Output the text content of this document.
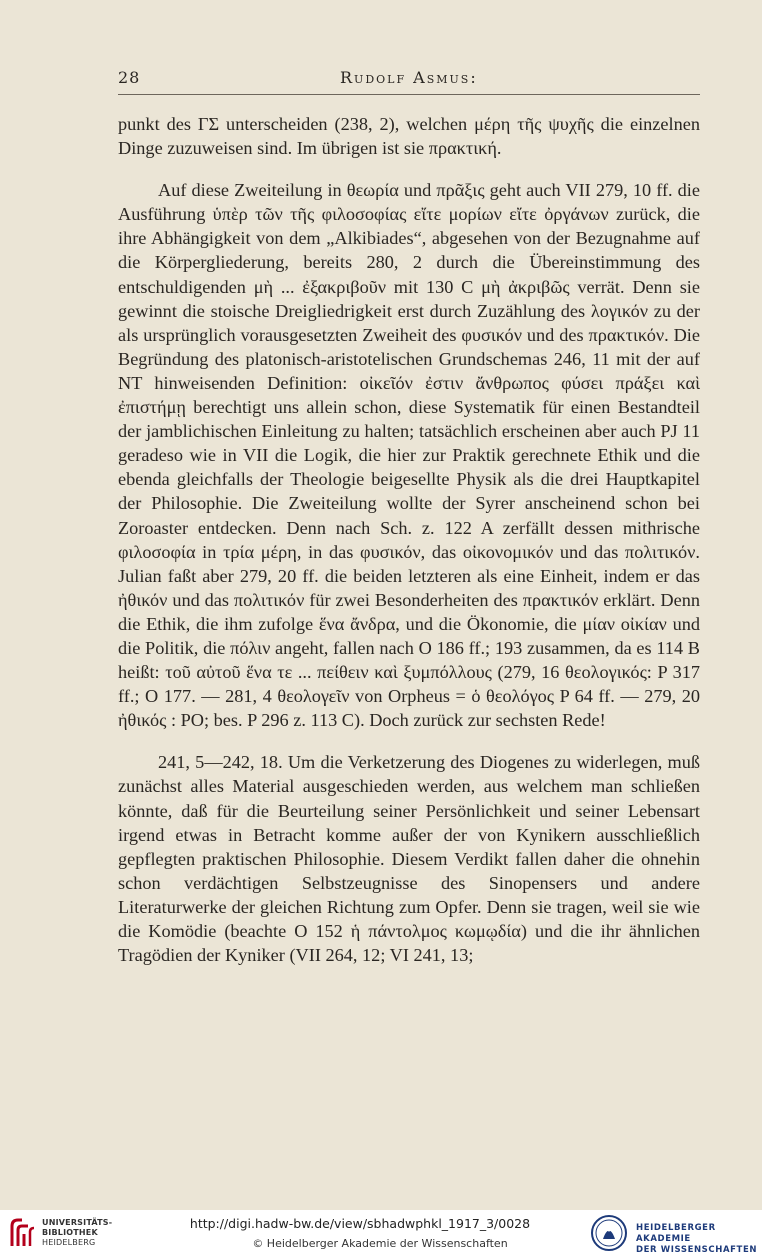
28	Rudolf Asmus:

punkt des ΓΣ unterscheiden (238, 2), welchen μέρη τῆς ψυχῆς die einzelnen Dinge zuzuweisen sind. Im übrigen ist sie πρακτική.

Auf diese Zweiteilung in θεωρία und πρᾶξις geht auch VII 279, 10 ff. die Ausführung ὑπὲρ τῶν τῆς φιλοσοφίας εἴτε μορίων εἴτε ὀργάνων zurück, die ihre Abhängigkeit von dem „Alkibiades“, abgesehen von der Bezugnahme auf die Körpergliederung, bereits 280, 2 durch die Übereinstimmung des entschuldigenden μὴ ... ἐξακριβοῦν mit 130 C μὴ ἀκριβῶς verrät. Denn sie gewinnt die stoische Dreigliedrigkeit erst durch Zuzählung des λογικόν zu der als ursprünglich vorausgesetzten Zweiheit des φυσικόν und des πρακτικόν. Die Begründung des platonisch-aristotelischen Grundschemas 246, 11 mit der auf NT hinweisenden Definition: οἰκεῖόν ἐστιν ἄνθρωπος φύσει πράξει καὶ ἐπιστήμῃ berechtigt uns allein schon, diese Systematik für einen Bestandteil der jamblichischen Einleitung zu halten; tatsächlich erscheinen aber auch PJ 11 geradeso wie in VII die Logik, die hier zur Praktik gerechnete Ethik und die ebenda gleichfalls der Theologie beigesellte Physik als die drei Hauptkapitel der Philosophie. Die Zweiteilung wollte der Syrer anscheinend schon bei Zoroaster entdecken. Denn nach Sch. z. 122 A zerfällt dessen mithrische φιλοσοφία in τρία μέρη, in das φυσικόν, das οἰκονομικόν und das πολιτικόν. Julian faßt aber 279, 20 ff. die beiden letzteren als eine Einheit, indem er das ἠθικόν und das πολιτικόν für zwei Besonderheiten des πρακτικόν erklärt. Denn die Ethik, die ihm zufolge ἕνα ἄνδρα, und die Ökonomie, die μίαν οἰκίαν und die Politik, die πόλιν angeht, fallen nach O 186 ff.; 193 zusammen, da es 114 B heißt: τοῦ αὐτοῦ ἕνα τε ... πείθειν καὶ ξυμπόλλους (279, 16 θεολογικός: P 317 ff.; O 177. — 281, 4 θεολογεῖν von Orpheus = ὁ θεολόγος P 64 ff. — 279, 20 ἠθικός : PO; bes. P 296 z. 113 C). Doch zurück zur sechsten Rede!

241, 5—242, 18. Um die Verketzerung des Diogenes zu widerlegen, muß zunächst alles Material ausgeschieden werden, aus welchem man schließen könnte, daß für die Beurteilung seiner Persönlichkeit und seiner Lebensart irgend etwas in Betracht komme außer der von Kynikern ausschließlich gepflegten praktischen Philosophie. Diesem Verdikt fallen daher die ohnehin schon verdächtigen Selbstzeugnisse des Sinopensers und andere Literaturwerke der gleichen Richtung zum Opfer. Denn sie tragen, weil sie wie die Komödie (beachte O 152 ἡ πάντολμος κωμῳδία) und die ihr ähnlichen Tragödien der Kyniker (VII 264, 12; VI 241, 13;

UNIVERSITÄTS-
BIBLIOTHEK
HEIDELBERG
http://digi.hadw-bw.de/view/sbhadwphkl_1917_3/0028
© Heidelberger Akademie der Wissenschaften
HEIDELBERGER AKADEMIE
DER WISSENSCHAFTEN
